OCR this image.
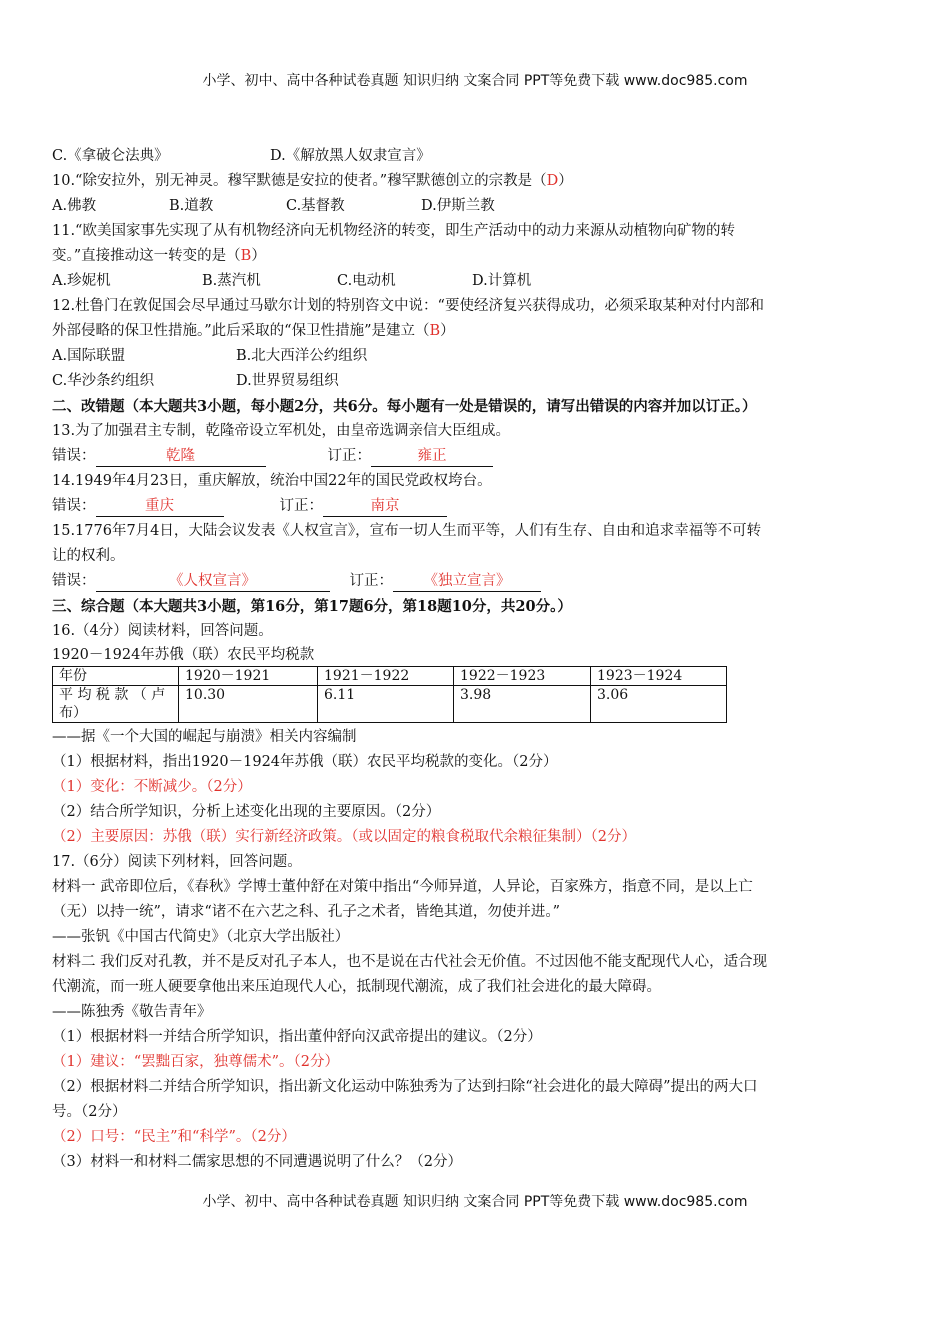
小学、初中、高中各种试卷真题 知识归纳 文案合同 PPT等免费下载 www.doc985.com
C.《拿破仑法典》	D.《解放黑人奴隶宣言》
10.“除安拉外，别无神灵。穆罕默德是安拉的使者。”穆罕默德创立的宗教是（D）
A.佛教	B.道教	C.基督教	D.伊斯兰教
11.“欧美国家事先实现了从有机物经济向无机物经济的转变，即生产活动中的动力来源从动植物向矿物的转
变。”直接推动这一转变的是（B）
A.珍妮机	B.蒸汽机	C.电动机	D.计算机
12.杜鲁门在敦促国会尽早通过马歇尔计划的特别咨文中说：“要使经济复兴获得成功，必须采取某种对付内部和
外部侵略的保卫性措施。”此后采取的“保卫性措施”是建立（B）
A.国际联盟	B.北大西洋公约组织
C.华沙条约组织	D.世界贸易组织
二、改错题（本大题共3小题，每小题2分，共6分。每小题有一处是错误的，请写出错误的内容并加以订正。）
13.为了加强君主专制，乾隆帝设立军机处，由皇帝选调亲信大臣组成。
错误：	乾隆	订正：	雍正
14.1949年4月23日，重庆解放，统治中国22年的国民党政权垮台。
错误：	重庆	订正：	南京
15.1776年7月4日，大陆会议发表《人权宣言》，宣布一切人生而平等，人们有生存、自由和追求幸福等不可转
让的权利。
错误：	《人权宣言》	订正： 《独立宣言》
三、综合题（本大题共3小题，第16分，第17题6分，第18题10分，共20分。）
16.（4分）阅读材料，回答问题。
1920－1924年苏俄（联）农民平均税款
年份	1920－1921	1921－1922	1922－1923	1923－1924
平 均 税 款 （ 卢 布）	10.30	6.11	3.98	3.06
——据《一个大国的崛起与崩溃》相关内容编制
（1）根据材料，指出1920－1924年苏俄（联）农民平均税款的变化。（2分）
（1）变化：不断减少。（2分）
（2）结合所学知识，分析上述变化出现的主要原因。（2分）
（2）主要原因：苏俄（联）实行新经济政策。（或以固定的粮食税取代余粮征集制）（2分）
17.（6分）阅读下列材料，回答问题。
材料一 武帝即位后，《春秋》学博士董仲舒在对策中指出“今师异道，人异论，百家殊方，指意不同，是以上亡
（无）以持一统”，请求“诸不在六艺之科、孔子之术者，皆绝其道，勿使并进。”
——张钒《中国古代简史》（北京大学出版社）
材料二 我们反对孔教，并不是反对孔子本人，也不是说在古代社会无价值。不过因他不能支配现代人心，适合现
代潮流，而一班人硬要拿他出来压迫现代人心，抵制现代潮流，成了我们社会进化的最大障碍。
——陈独秀《敬告青年》
（1）根据材料一并结合所学知识，指出董仲舒向汉武帝提出的建议。（2分）
（1）建议：“罢黜百家，独尊儒术”。（2分）
（2）根据材料二并结合所学知识，指出新文化运动中陈独秀为了达到扫除“社会进化的最大障碍”提出的两大口
号。（2分）
（2）口号：“民主”和“科学”。（2分）
（3）材料一和材料二儒家思想的不同遭遇说明了什么？（2分）
小学、初中、高中各种试卷真题 知识归纳 文案合同 PPT等免费下载 www.doc985.com
